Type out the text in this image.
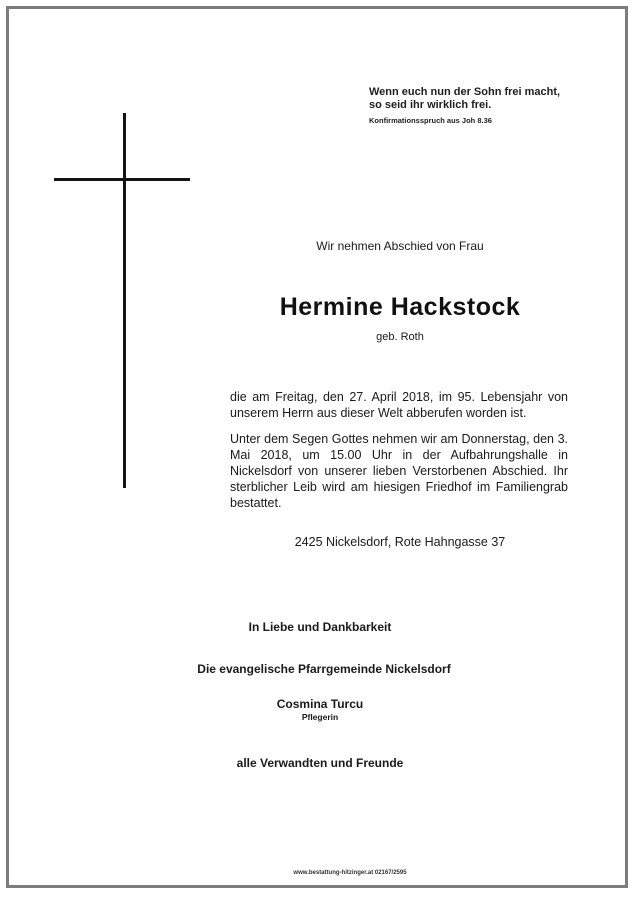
Wenn euch nun der Sohn frei macht,
so seid ihr wirklich frei.
Konfirmationsspruch aus Joh 8.36
Wir nehmen Abschied von Frau
Hermine Hackstock
geb. Roth
die am Freitag, den 27. April 2018, im 95. Lebensjahr von unserem Herrn aus dieser Welt abberufen worden ist.
Unter dem Segen Gottes nehmen wir am Donnerstag, den 3. Mai 2018, um 15.00 Uhr in der Aufbahrungshalle in Nickelsdorf von unserer lieben Verstorbenen Abschied. Ihr sterblicher Leib wird am hiesigen Friedhof im Familiengrab bestattet.
2425 Nickelsdorf, Rote Hahngasse 37
In Liebe und Dankbarkeit
Die evangelische Pfarrgemeinde Nickelsdorf
Cosmina Turcu
Pflegerin
alle Verwandten und Freunde
www.bestattung-hitzinger.at 02167/2595
